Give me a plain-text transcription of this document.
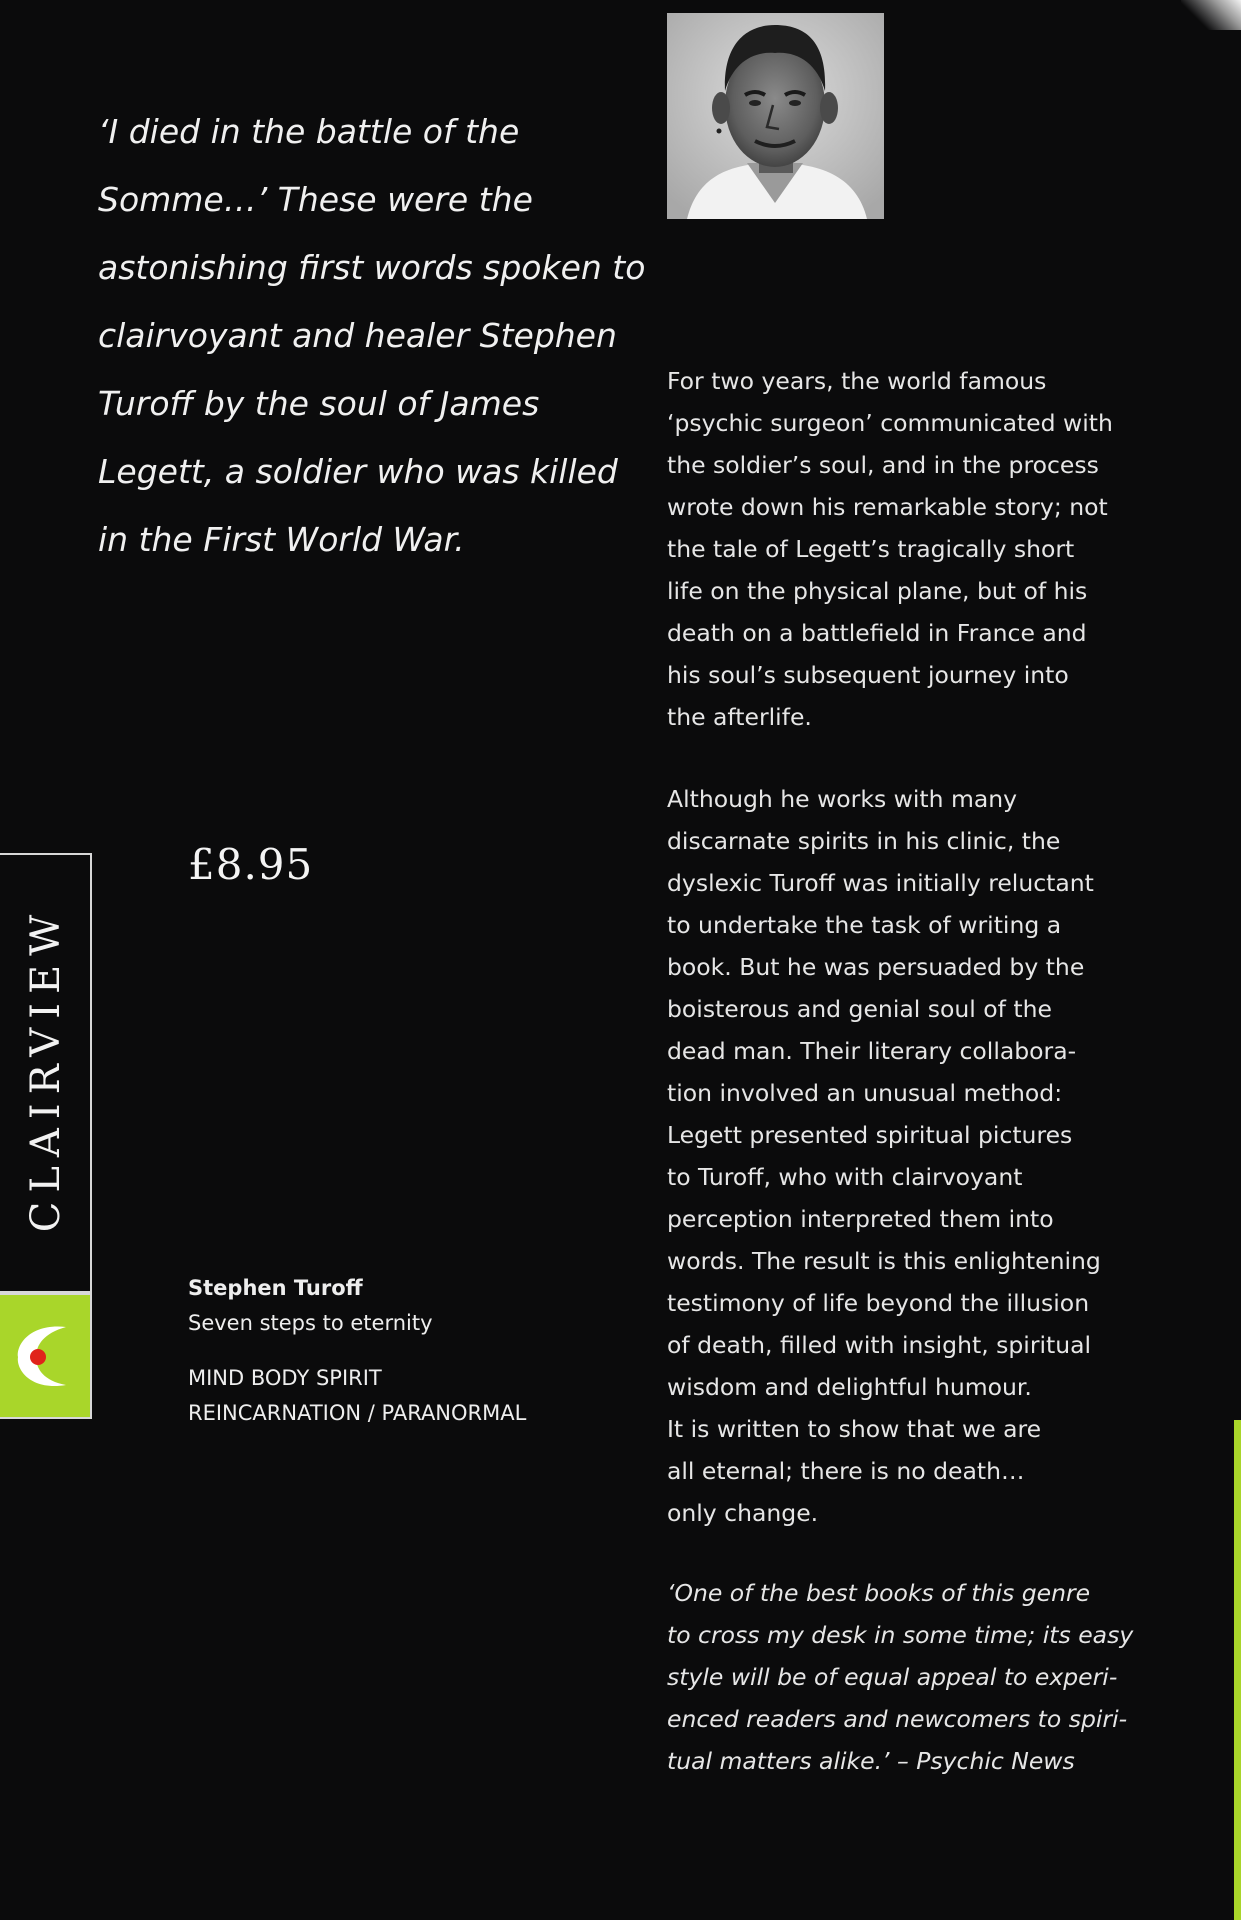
‘I died in the battle of the
Somme…’ These were the
astonishing first words spoken to
clairvoyant and healer Stephen
Turoff by the soul of James
Legett, a soldier who was killed
in the First World War.

For two years, the world famous
‘psychic surgeon’ communicated with
the soldier’s soul, and in the process
wrote down his remarkable story; not
the tale of Legett’s tragically short
life on the physical plane, but of his
death on a battlefield in France and
his soul’s subsequent journey into
the afterlife.
Although he works with many
discarnate spirits in his clinic, the
dyslexic Turoff was initially reluctant
to undertake the task of writing a
book. But he was persuaded by the
boisterous and genial soul of the
dead man. Their literary collabora-
tion involved an unusual method:
Legett presented spiritual pictures
to Turoff, who with clairvoyant
perception interpreted them into
words. The result is this enlightening
testimony of life beyond the illusion
of death, filled with insight, spiritual
wisdom and delightful humour.
It is written to show that we are
all eternal; there is no death…
only change.
‘One of the best books of this genre
to cross my desk in some time; its easy
style will be of equal appeal to experi-
enced readers and newcomers to spiri-
tual matters alike.’ – Psychic News
£8.95
CLAIRVIEW
Stephen Turoff
Seven steps to eternity
MIND BODY SPIRIT
REINCARNATION / PARANORMAL
